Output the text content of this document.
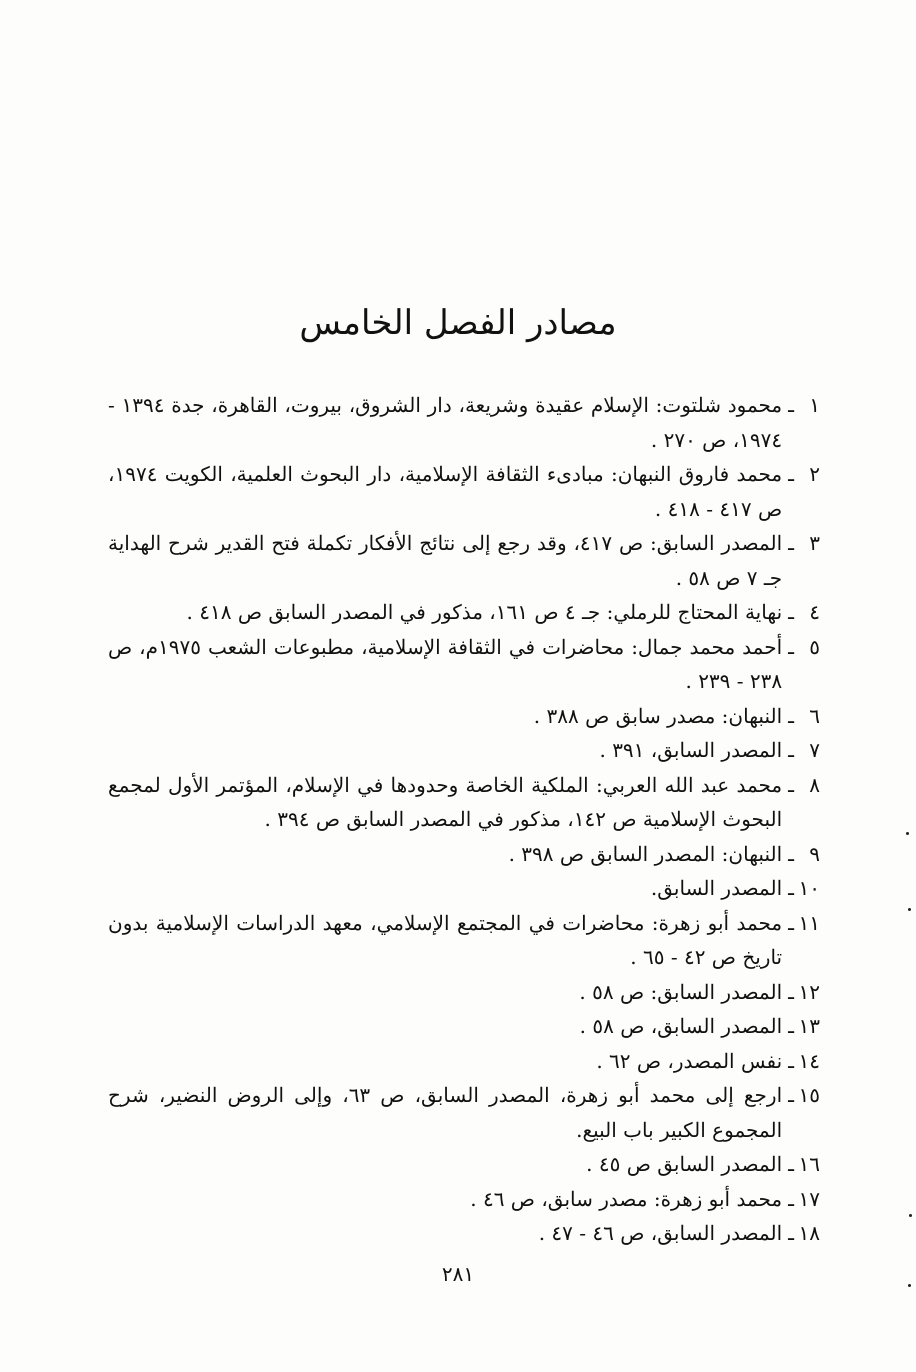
مصادر الفصل الخامس
١
ـ
محمود شلتوت: الإسلام عقيدة وشريعة، دار الشروق، بيروت، القاهرة، جدة ١٣٩٤ - ١٩٧٤، ص ٢٧٠ .
٢
ـ
محمد فاروق النبهان: مبادىء الثقافة الإسلامية، دار البحوث العلمية، الكويت ١٩٧٤، ص ٤١٧ - ٤١٨ .
٣
ـ
المصدر السابق: ص ٤١٧، وقد رجع إلى نتائج الأفكار تكملة فتح القدير شرح الهداية جـ ٧ ص ٥٨ .
٤
ـ
نهاية المحتاج للرملي: جـ ٤ ص ١٦١، مذكور في المصدر السابق ص ٤١٨ .
٥
ـ
أحمد محمد جمال: محاضرات في الثقافة الإسلامية، مطبوعات الشعب ١٩٧٥م، ص ٢٣٨ - ٢٣٩ .
٦
ـ
النبهان: مصدر سابق ص ٣٨٨ .
٧
ـ
المصدر السابق، ٣٩١ .
٨
ـ
محمد عبد الله العربي: الملكية الخاصة وحدودها في الإسلام، المؤتمر الأول لمجمع البحوث الإسلامية ص ١٤٢، مذكور في المصدر السابق ص ٣٩٤ .
٩
ـ
النبهان: المصدر السابق ص ٣٩٨ .
١٠
ـ
المصدر السابق.
١١
ـ
محمد أبو زهرة: محاضرات في المجتمع الإسلامي، معهد الدراسات الإسلامية بدون تاريخ ص ٤٢ - ٦٥ .
١٢
ـ
المصدر السابق: ص ٥٨ .
١٣
ـ
المصدر السابق، ص ٥٨ .
١٤
ـ
نفس المصدر، ص ٦٢ .
١٥
ـ
ارجع إلى محمد أبو زهرة، المصدر السابق، ص ٦٣، وإلى الروض النضير، شرح المجموع الكبير باب البيع.
١٦
ـ
المصدر السابق ص ٤٥ .
١٧
ـ
محمد أبو زهرة: مصدر سابق، ص ٤٦ .
١٨
ـ
المصدر السابق، ص ٤٦ - ٤٧ .
٢٨١
